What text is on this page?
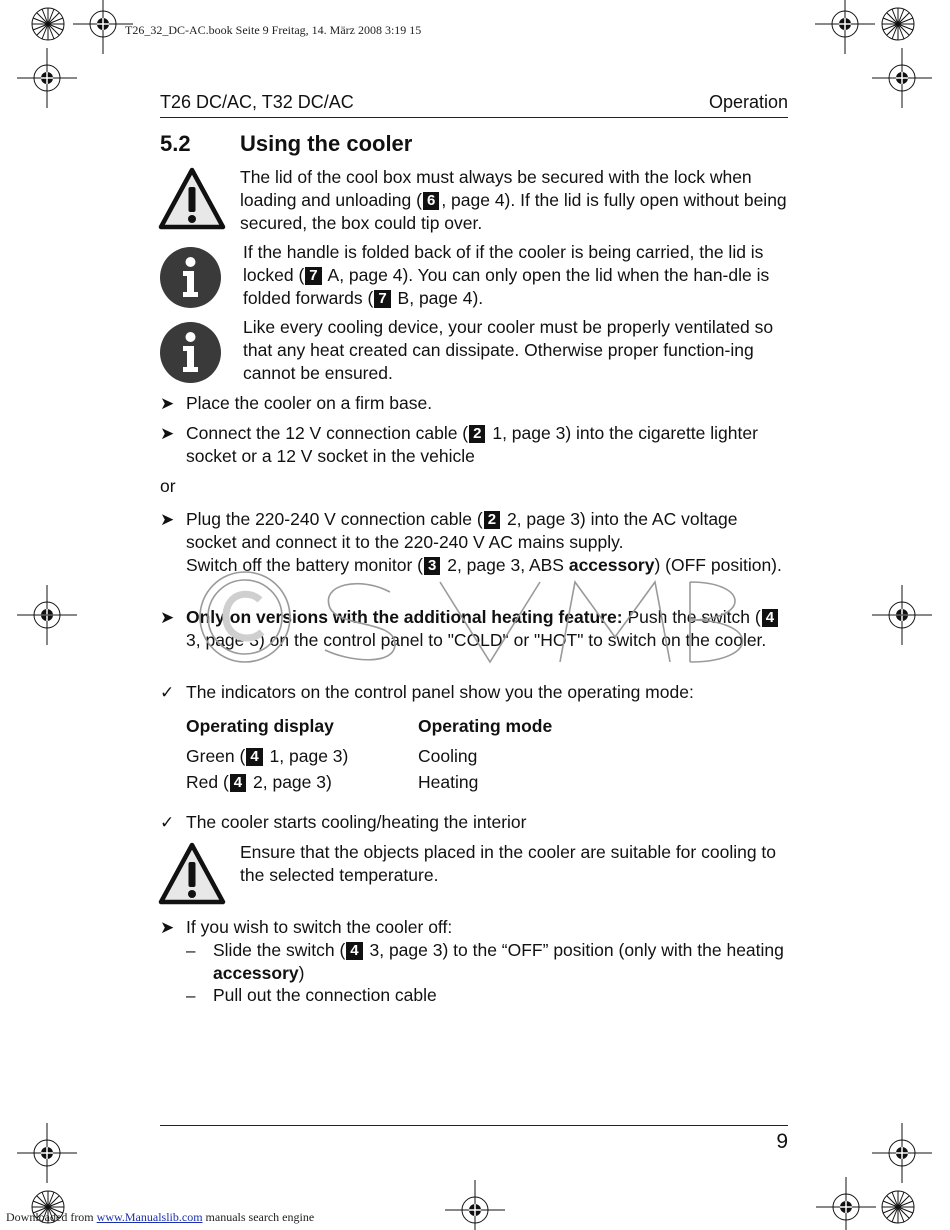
T26_32_DC-AC.book Seite 9 Freitag, 14. März 2008 3:19 15
T26 DC/AC, T32 DC/AC	Operation
5.2 Using the cooler
The lid of the cool box must always be secured with the lock when loading and unloading ( 6 , page 4). If the lid is fully open without being secured, the box could tip over.
If the handle is folded back of if the cooler is being carried, the lid is locked ( 7 A, page 4). You can only open the lid when the han-dle is folded forwards ( 7 B, page 4).
Like every cooling device, your cooler must be properly ventilated so that any heat created can dissipate. Otherwise proper function-ing cannot be ensured.
➤ Place the cooler on a firm base.
➤ Connect the 12 V connection cable ( 2 1, page 3) into the cigarette lighter socket or a 12 V socket in the vehicle
or
➤ Plug the 220-240 V connection cable ( 2 2, page 3) into the AC voltage socket and connect it to the 220-240 V AC mains supply.
Switch off the battery monitor ( 3 2, page 3, ABS accessory) (OFF position).
➤ Only on versions with the additional heating feature: Push the switch ( 4 3, page 3) on the control panel to "COLD" or "HOT" to switch on the cooler.
✓ The indicators on the control panel show you the operating mode:
Operating display	Operating mode
Green ( 4 1, page 3)	Cooling
Red ( 4 2, page 3)	Heating
✓ The cooler starts cooling/heating the interior
Ensure that the objects placed in the cooler are suitable for cooling to the selected temperature.
➤ If you wish to switch the cooler off:
– Slide the switch ( 4 3, page 3) to the “OFF” position (only with the heating accessory)
– Pull out the connection cable
9
Downloaded from www.Manualslib.com manuals search engine
